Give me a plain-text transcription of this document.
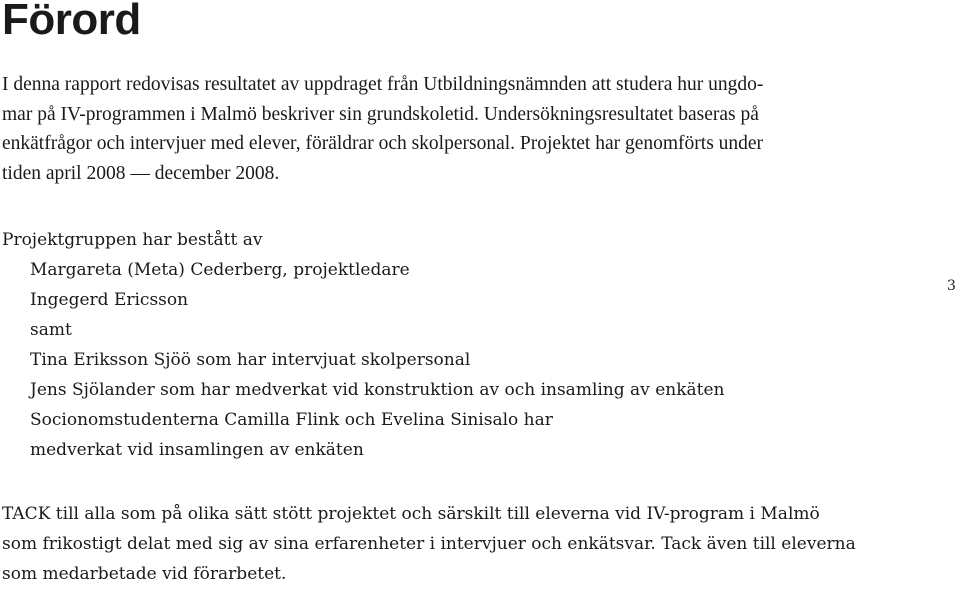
Förord

I denna rapport redovisas resultatet av uppdraget från Utbildningsnämnden att studera hur ungdo-
mar på IV-programmen i Malmö beskriver sin grundskoletid. Undersökningsresultatet baseras på
enkätfrågor och intervjuer med elever, föräldrar och skolpersonal. Projektet har genomförts under
tiden april 2008 — december 2008.

Projektgruppen har bestått av
Margareta (Meta) Cederberg, projektledare
Ingegerd Ericsson
samt
Tina Eriksson Sjöö som har intervjuat skolpersonal
Jens Sjölander som har medverkat vid konstruktion av och insamling av enkäten
Socionomstudenterna Camilla Flink och Evelina Sinisalo har
medverkat vid insamlingen av enkäten
3

TACK till alla som på olika sätt stött projektet och särskilt till eleverna vid IV-program i Malmö
som frikostigt delat med sig av sina erfarenheter i intervjuer och enkätsvar. Tack även till eleverna
som medarbetade vid förarbetet.
